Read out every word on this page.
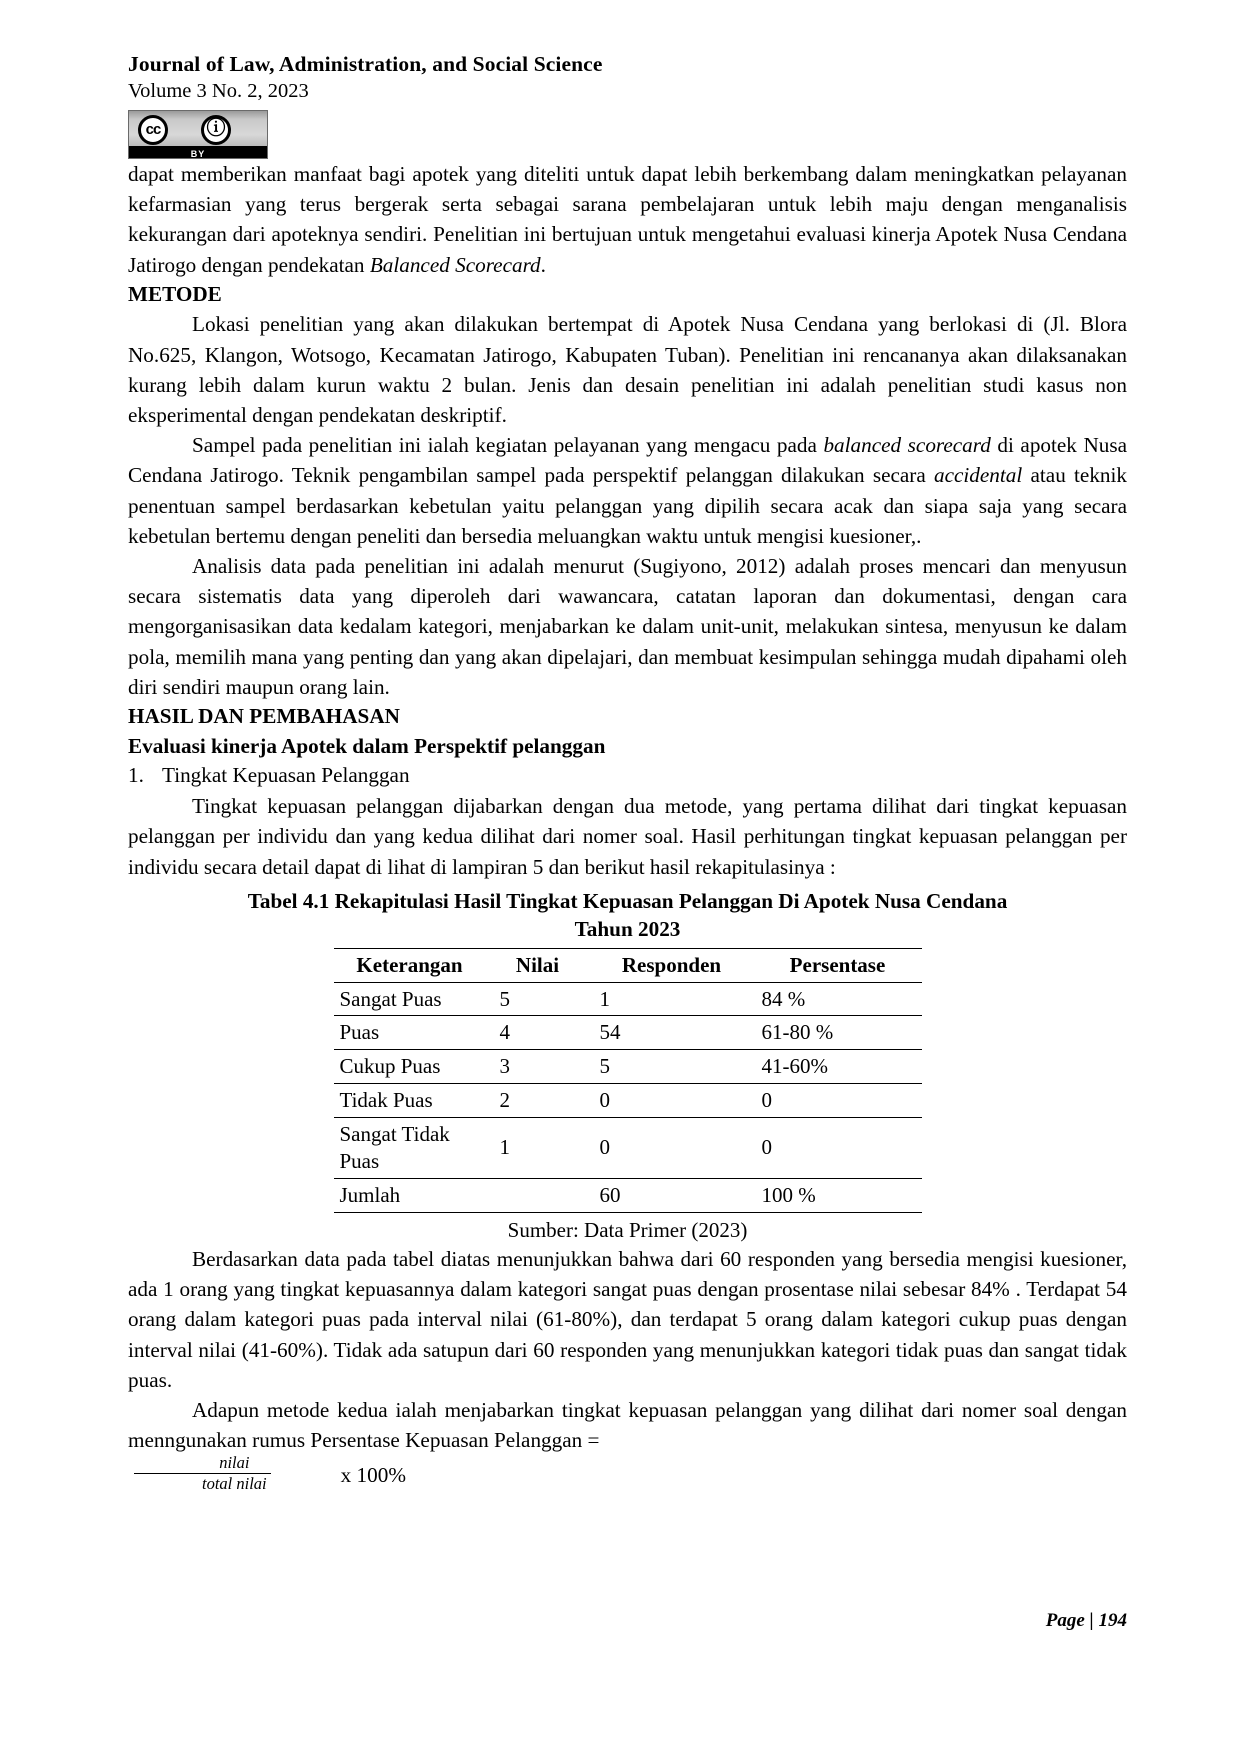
Journal of Law, Administration, and Social Science
Volume 3 No. 2, 2023
cc	ⓘ
BY

dapat memberikan manfaat bagi apotek yang diteliti untuk dapat lebih berkembang dalam meningkatkan pelayanan kefarmasian yang terus bergerak serta sebagai sarana pembelajaran untuk lebih maju dengan menganalisis kekurangan dari apoteknya sendiri. Penelitian ini bertujuan untuk mengetahui evaluasi kinerja Apotek Nusa Cendana Jatirogo dengan pendekatan Balanced Scorecard.

METODE

Lokasi penelitian yang akan dilakukan bertempat di Apotek Nusa Cendana yang berlokasi di (Jl. Blora No.625, Klangon, Wotsogo, Kecamatan Jatirogo, Kabupaten Tuban). Penelitian ini rencananya akan dilaksanakan kurang lebih dalam kurun waktu 2 bulan. Jenis dan desain penelitian ini adalah penelitian studi kasus non eksperimental dengan pendekatan deskriptif.

Sampel pada penelitian ini ialah kegiatan pelayanan yang mengacu pada balanced scorecard di apotek Nusa Cendana Jatirogo. Teknik pengambilan sampel pada perspektif pelanggan dilakukan secara accidental atau teknik penentuan sampel berdasarkan kebetulan yaitu pelanggan yang dipilih secara acak dan siapa saja yang secara kebetulan bertemu dengan peneliti dan bersedia meluangkan waktu untuk mengisi kuesioner,.

Analisis data pada penelitian ini adalah menurut (Sugiyono, 2012) adalah proses mencari dan menyusun secara sistematis data yang diperoleh dari wawancara, catatan laporan dan dokumentasi, dengan cara mengorganisasikan data kedalam kategori, menjabarkan ke dalam unit-unit, melakukan sintesa, menyusun ke dalam pola, memilih mana yang penting dan yang akan dipelajari, dan membuat kesimpulan sehingga mudah dipahami oleh diri sendiri maupun orang lain.

HASIL DAN PEMBAHASAN
Evaluasi kinerja Apotek dalam Perspektif pelanggan
1. Tingkat Kepuasan Pelanggan

Tingkat kepuasan pelanggan dijabarkan dengan dua metode, yang pertama dilihat dari tingkat kepuasan pelanggan per individu dan yang kedua dilihat dari nomer soal. Hasil perhitungan tingkat kepuasan pelanggan per individu secara detail dapat di lihat di lampiran 5 dan berikut hasil rekapitulasinya :

Tabel 4.1 Rekapitulasi Hasil Tingkat Kepuasan Pelanggan Di Apotek Nusa Cendana
Tahun 2023
Keterangan	Nilai	Responden	Persentase
Sangat Puas	5	1	84 %
Puas	4	54	61-80 %
Cukup Puas	3	5	41-60%
Tidak Puas	2	0	0
Sangat Tidak Puas	1	0	0
Jumlah		60	100 %
Sumber: Data Primer (2023)

Berdasarkan data pada tabel diatas menunjukkan bahwa dari 60 responden yang bersedia mengisi kuesioner, ada 1 orang yang tingkat kepuasannya dalam kategori sangat puas dengan prosentase nilai sebesar 84% . Terdapat 54 orang dalam kategori puas pada interval nilai (61-80%), dan terdapat 5 orang dalam kategori cukup puas dengan interval nilai (41-60%). Tidak ada satupun dari 60 responden yang menunjukkan kategori tidak puas dan sangat tidak puas.

Adapun metode kedua ialah menjabarkan tingkat kepuasan pelanggan yang dilihat dari nomer soal dengan menngunakan rumus Persentase Kepuasan Pelanggan =
$\frac{\text{nilai}}{\text{total nilai}}$	x 100%

Page | 194
